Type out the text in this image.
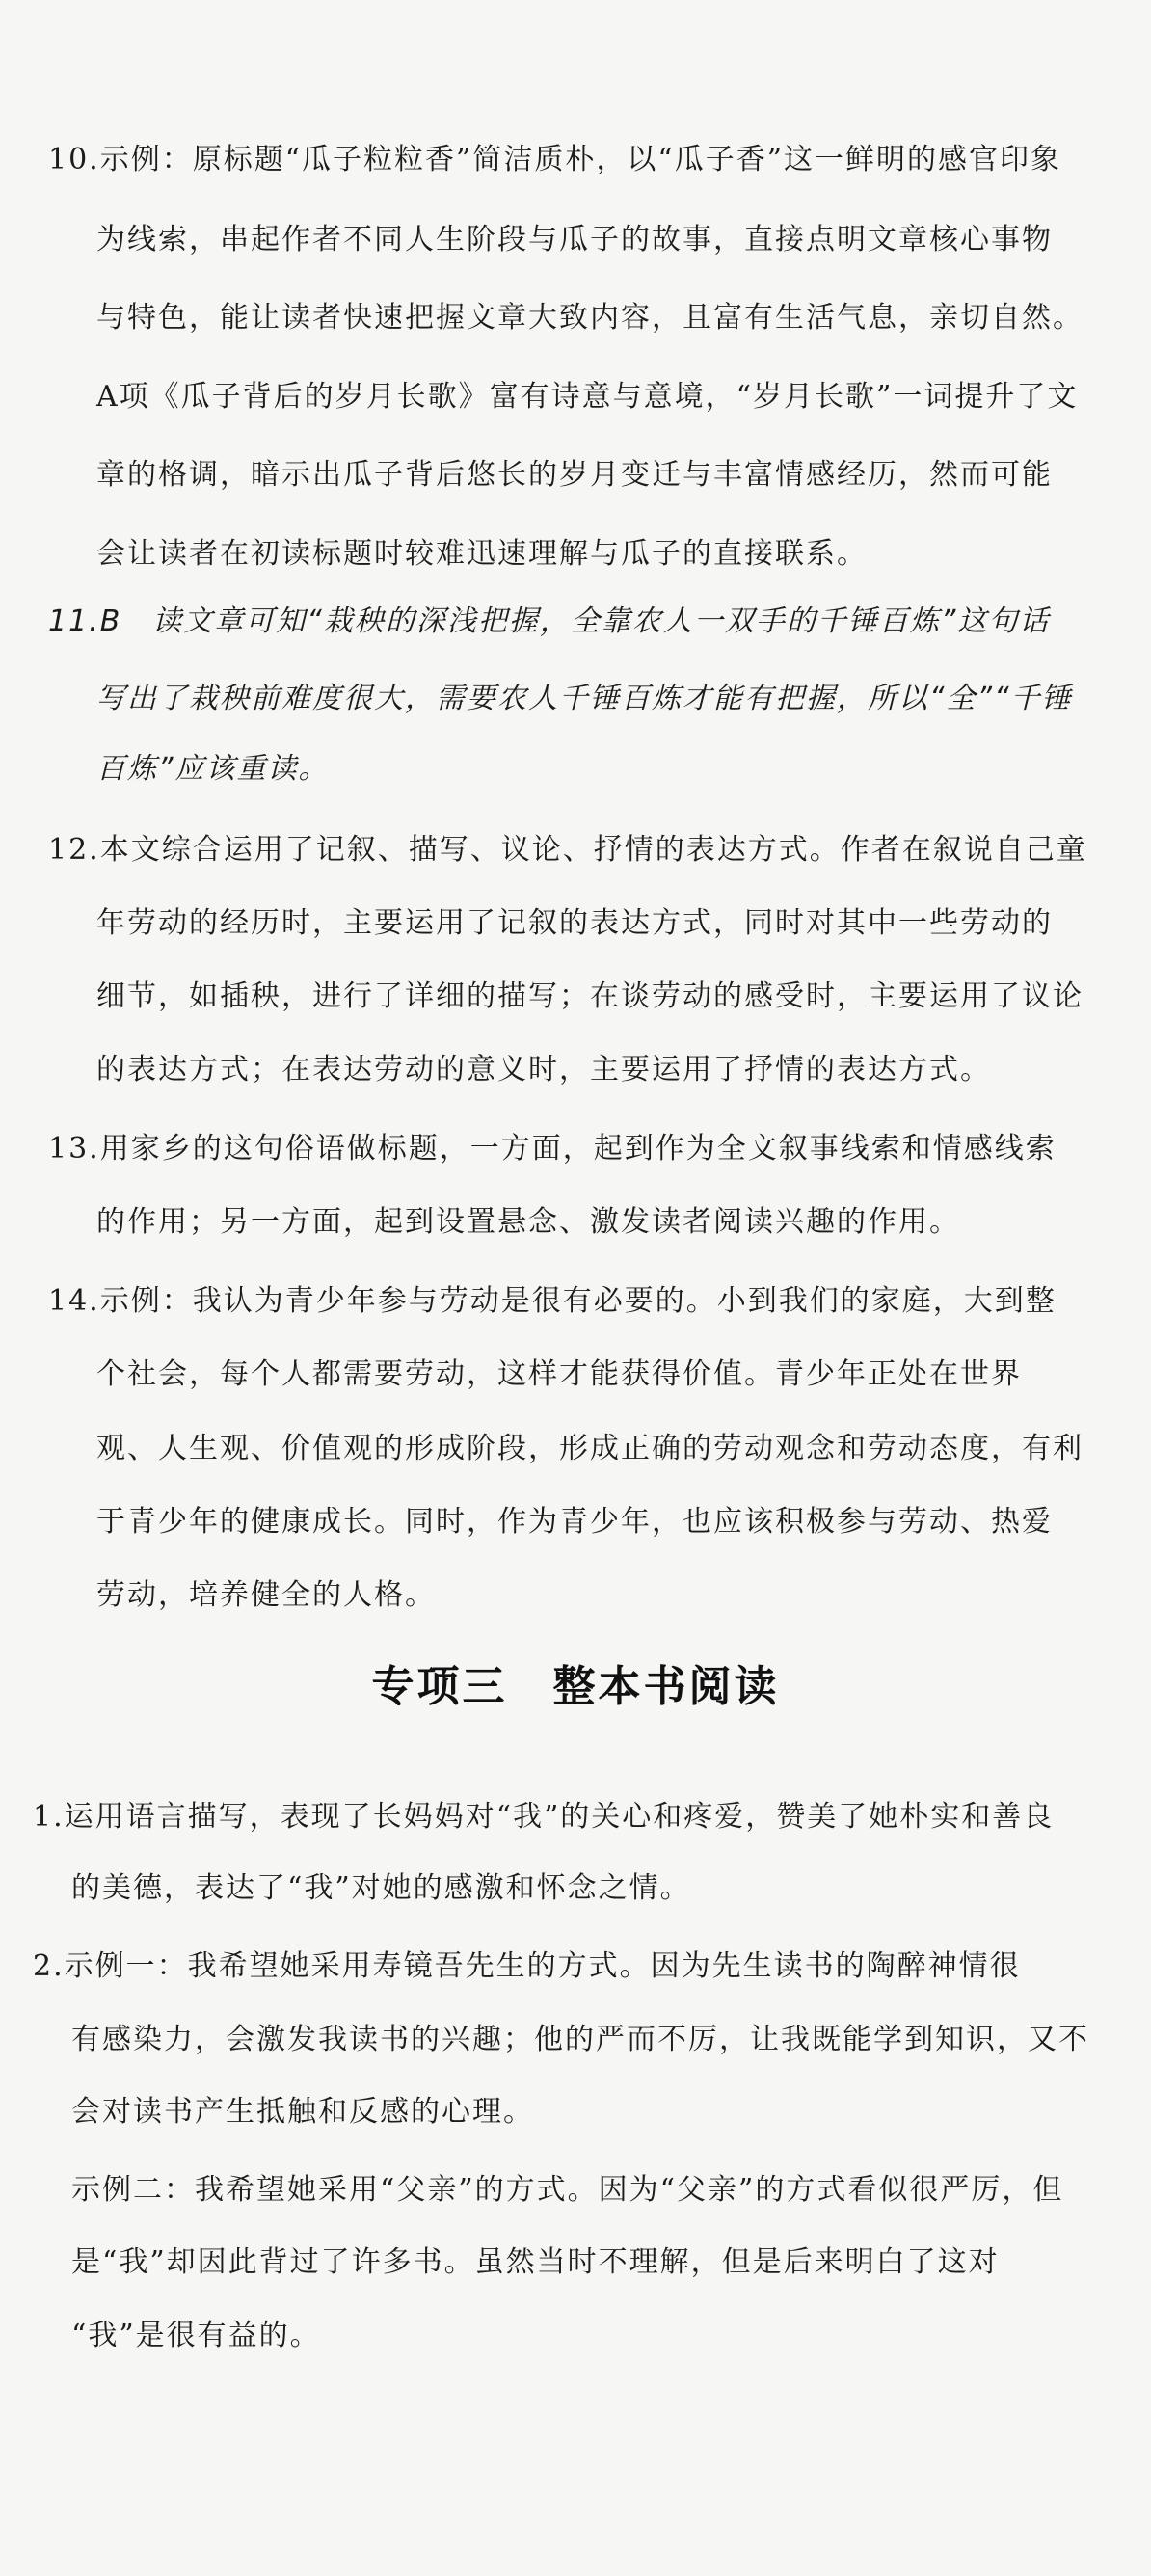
10.示例：原标题“瓜子粒粒香”简洁质朴，以“瓜子香”这一鲜明的感官印象

为线索，串起作者不同人生阶段与瓜子的故事，直接点明文章核心事物

与特色，能让读者快速把握文章大致内容，且富有生活气息，亲切自然。

A项《瓜子背后的岁月长歌》富有诗意与意境，“岁月长歌”一词提升了文

章的格调，暗示出瓜子背后悠长的岁月变迁与丰富情感经历，然而可能

会让读者在初读标题时较难迅速理解与瓜子的直接联系。

11.B　读文章可知“栽秧的深浅把握，全靠农人一双手的千锤百炼”这句话

写出了栽秧前难度很大，需要农人千锤百炼才能有把握，所以“全”“千锤

百炼”应该重读。

12.本文综合运用了记叙、描写、议论、抒情的表达方式。作者在叙说自己童

年劳动的经历时，主要运用了记叙的表达方式，同时对其中一些劳动的

细节，如插秧，进行了详细的描写；在谈劳动的感受时，主要运用了议论

的表达方式；在表达劳动的意义时，主要运用了抒情的表达方式。

13.用家乡的这句俗语做标题，一方面，起到作为全文叙事线索和情感线索

的作用；另一方面，起到设置悬念、激发读者阅读兴趣的作用。

14.示例：我认为青少年参与劳动是很有必要的。小到我们的家庭，大到整

个社会，每个人都需要劳动，这样才能获得价值。青少年正处在世界

观、人生观、价值观的形成阶段，形成正确的劳动观念和劳动态度，有利

于青少年的健康成长。同时，作为青少年，也应该积极参与劳动、热爱

劳动，培养健全的人格。

专项三　整本书阅读

1.运用语言描写，表现了长妈妈对“我”的关心和疼爱，赞美了她朴实和善良

的美德，表达了“我”对她的感激和怀念之情。

2.示例一：我希望她采用寿镜吾先生的方式。因为先生读书的陶醉神情很

有感染力，会激发我读书的兴趣；他的严而不厉，让我既能学到知识，又不

会对读书产生抵触和反感的心理。

示例二：我希望她采用“父亲”的方式。因为“父亲”的方式看似很严厉，但

是“我”却因此背过了许多书。虽然当时不理解，但是后来明白了这对

“我”是很有益的。
